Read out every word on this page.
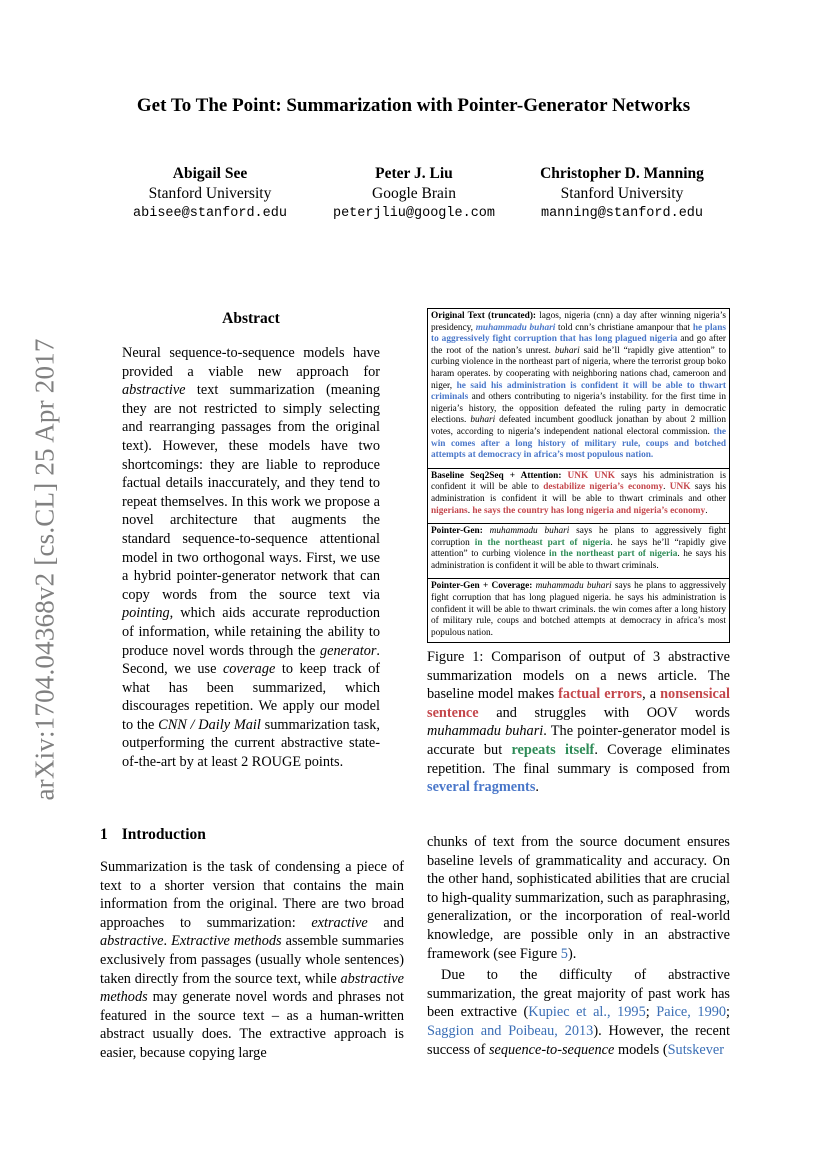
Get To The Point: Summarization with Pointer-Generator Networks
Abigail See
Stanford University
abisee@stanford.edu
Peter J. Liu
Google Brain
peterjliu@google.com
Christopher D. Manning
Stanford University
manning@stanford.edu
arXiv:1704.04368v2 [cs.CL] 25 Apr 2017
Abstract
Neural sequence-to-sequence models have provided a viable new approach for abstractive text summarization (meaning they are not restricted to simply selecting and rearranging passages from the original text). However, these models have two shortcomings: they are liable to reproduce factual details inaccurately, and they tend to repeat themselves. In this work we propose a novel architecture that augments the standard sequence-to-sequence attentional model in two orthogonal ways. First, we use a hybrid pointer-generator network that can copy words from the source text via pointing, which aids accurate reproduction of information, while retaining the ability to produce novel words through the generator. Second, we use coverage to keep track of what has been summarized, which discourages repetition. We apply our model to the CNN / Daily Mail summarization task, outperforming the current abstractive state-of-the-art by at least 2 ROUGE points.
Original Text (truncated): lagos, nigeria (cnn) a day after winning nigeria’s presidency, muhammadu buhari told cnn’s christiane amanpour that he plans to aggressively fight corruption that has long plagued nigeria and go after the root of the nation’s unrest. buhari said he’ll “rapidly give attention” to curbing violence in the northeast part of nigeria, where the terrorist group boko haram operates. by cooperating with neighboring nations chad, cameroon and niger, he said his administration is confident it will be able to thwart criminals and others contributing to nigeria’s instability. for the first time in nigeria’s history, the opposition defeated the ruling party in democratic elections. buhari defeated incumbent goodluck jonathan by about 2 million votes, according to nigeria’s independent national electoral commission. the win comes after a long history of military rule, coups and botched attempts at democracy in africa’s most populous nation.
Baseline Seq2Seq + Attention: UNK UNK says his administration is confident it will be able to destabilize nigeria’s economy. UNK says his administration is confident it will be able to thwart criminals and other nigerians. he says the country has long nigeria and nigeria’s economy.
Pointer-Gen: muhammadu buhari says he plans to aggressively fight corruption in the northeast part of nigeria. he says he’ll “rapidly give attention” to curbing violence in the northeast part of nigeria. he says his administration is confident it will be able to thwart criminals.
Pointer-Gen + Coverage: muhammadu buhari says he plans to aggressively fight corruption that has long plagued nigeria. he says his administration is confident it will be able to thwart criminals. the win comes after a long history of military rule, coups and botched attempts at democracy in africa’s most populous nation.
Figure 1: Comparison of output of 3 abstractive summarization models on a news article. The baseline model makes factual errors, a nonsensical sentence and struggles with OOV words muhammadu buhari. The pointer-generator model is accurate but repeats itself. Coverage eliminates repetition. The final summary is composed from several fragments.
1 Introduction
Summarization is the task of condensing a piece of text to a shorter version that contains the main information from the original. There are two broad approaches to summarization: extractive and abstractive. Extractive methods assemble summaries exclusively from passages (usually whole sentences) taken directly from the source text, while abstractive methods may generate novel words and phrases not featured in the source text – as a human-written abstract usually does. The extractive approach is easier, because copying large

chunks of text from the source document ensures baseline levels of grammaticality and accuracy. On the other hand, sophisticated abilities that are crucial to high-quality summarization, such as paraphrasing, generalization, or the incorporation of real-world knowledge, are possible only in an abstractive framework (see Figure 5).

Due to the difficulty of abstractive summarization, the great majority of past work has been extractive (Kupiec et al., 1995; Paice, 1990; Saggion and Poibeau, 2013). However, the recent success of sequence-to-sequence models (Sutskever
